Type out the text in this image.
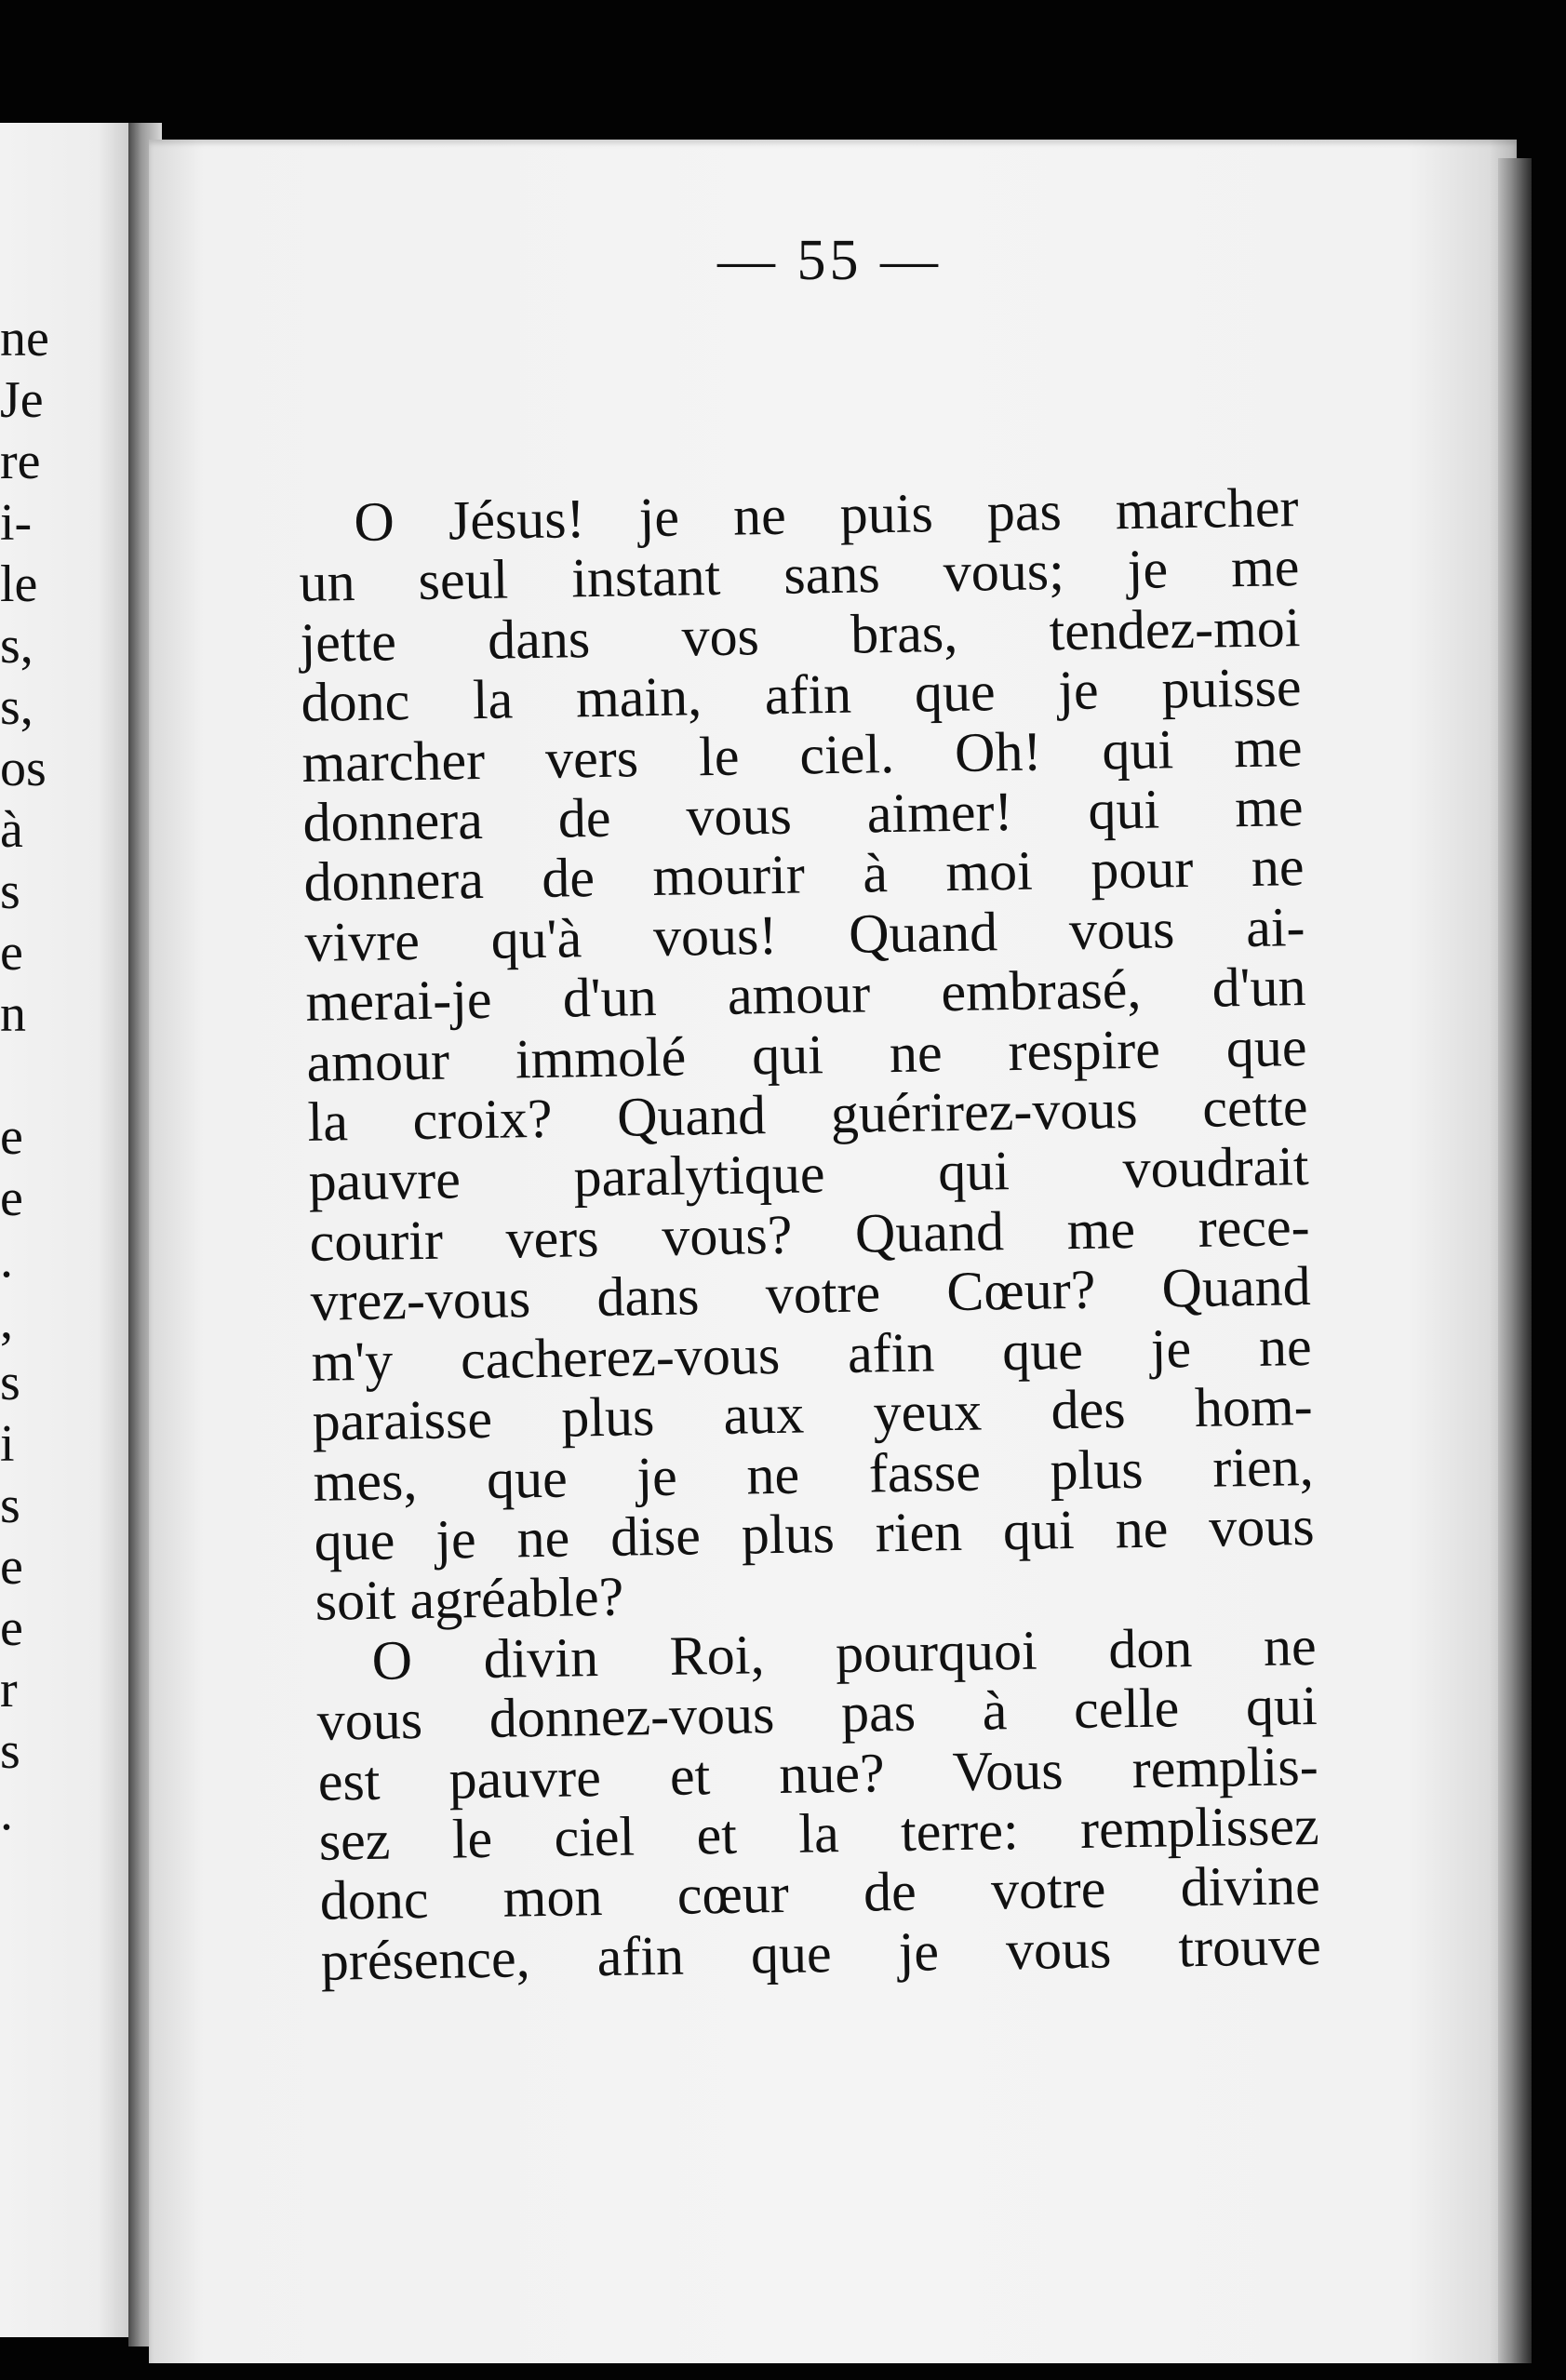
ne
Je
re
i-
le
s,
s,
os
à
s
e
n
e
e
.
,
s
i
s
e
e
r
s
.
— 55 —
O Jésus! je ne puis pas marcher
un seul instant sans vous; je me
jette dans vos bras, tendez-moi
donc la main, afin que je puisse
marcher vers le ciel. Oh! qui me
donnera de vous aimer! qui me
donnera de mourir à moi pour ne
vivre qu'à vous! Quand vous ai-
merai-je d'un amour embrasé, d'un
amour immolé qui ne respire que
la croix? Quand guérirez-vous cette
pauvre paralytique qui voudrait
courir vers vous? Quand me rece-
vrez-vous dans votre Cœur? Quand
m'y cacherez-vous afin que je ne
paraisse plus aux yeux des hom-
mes, que je ne fasse plus rien,
que je ne dise plus rien qui ne vous
soit agréable?
O divin Roi, pourquoi don ne
vous donnez-vous pas à celle qui
est pauvre et nue? Vous remplis-
sez le ciel et la terre: remplissez
donc mon cœur de votre divine
présence, afin que je vous trouve
